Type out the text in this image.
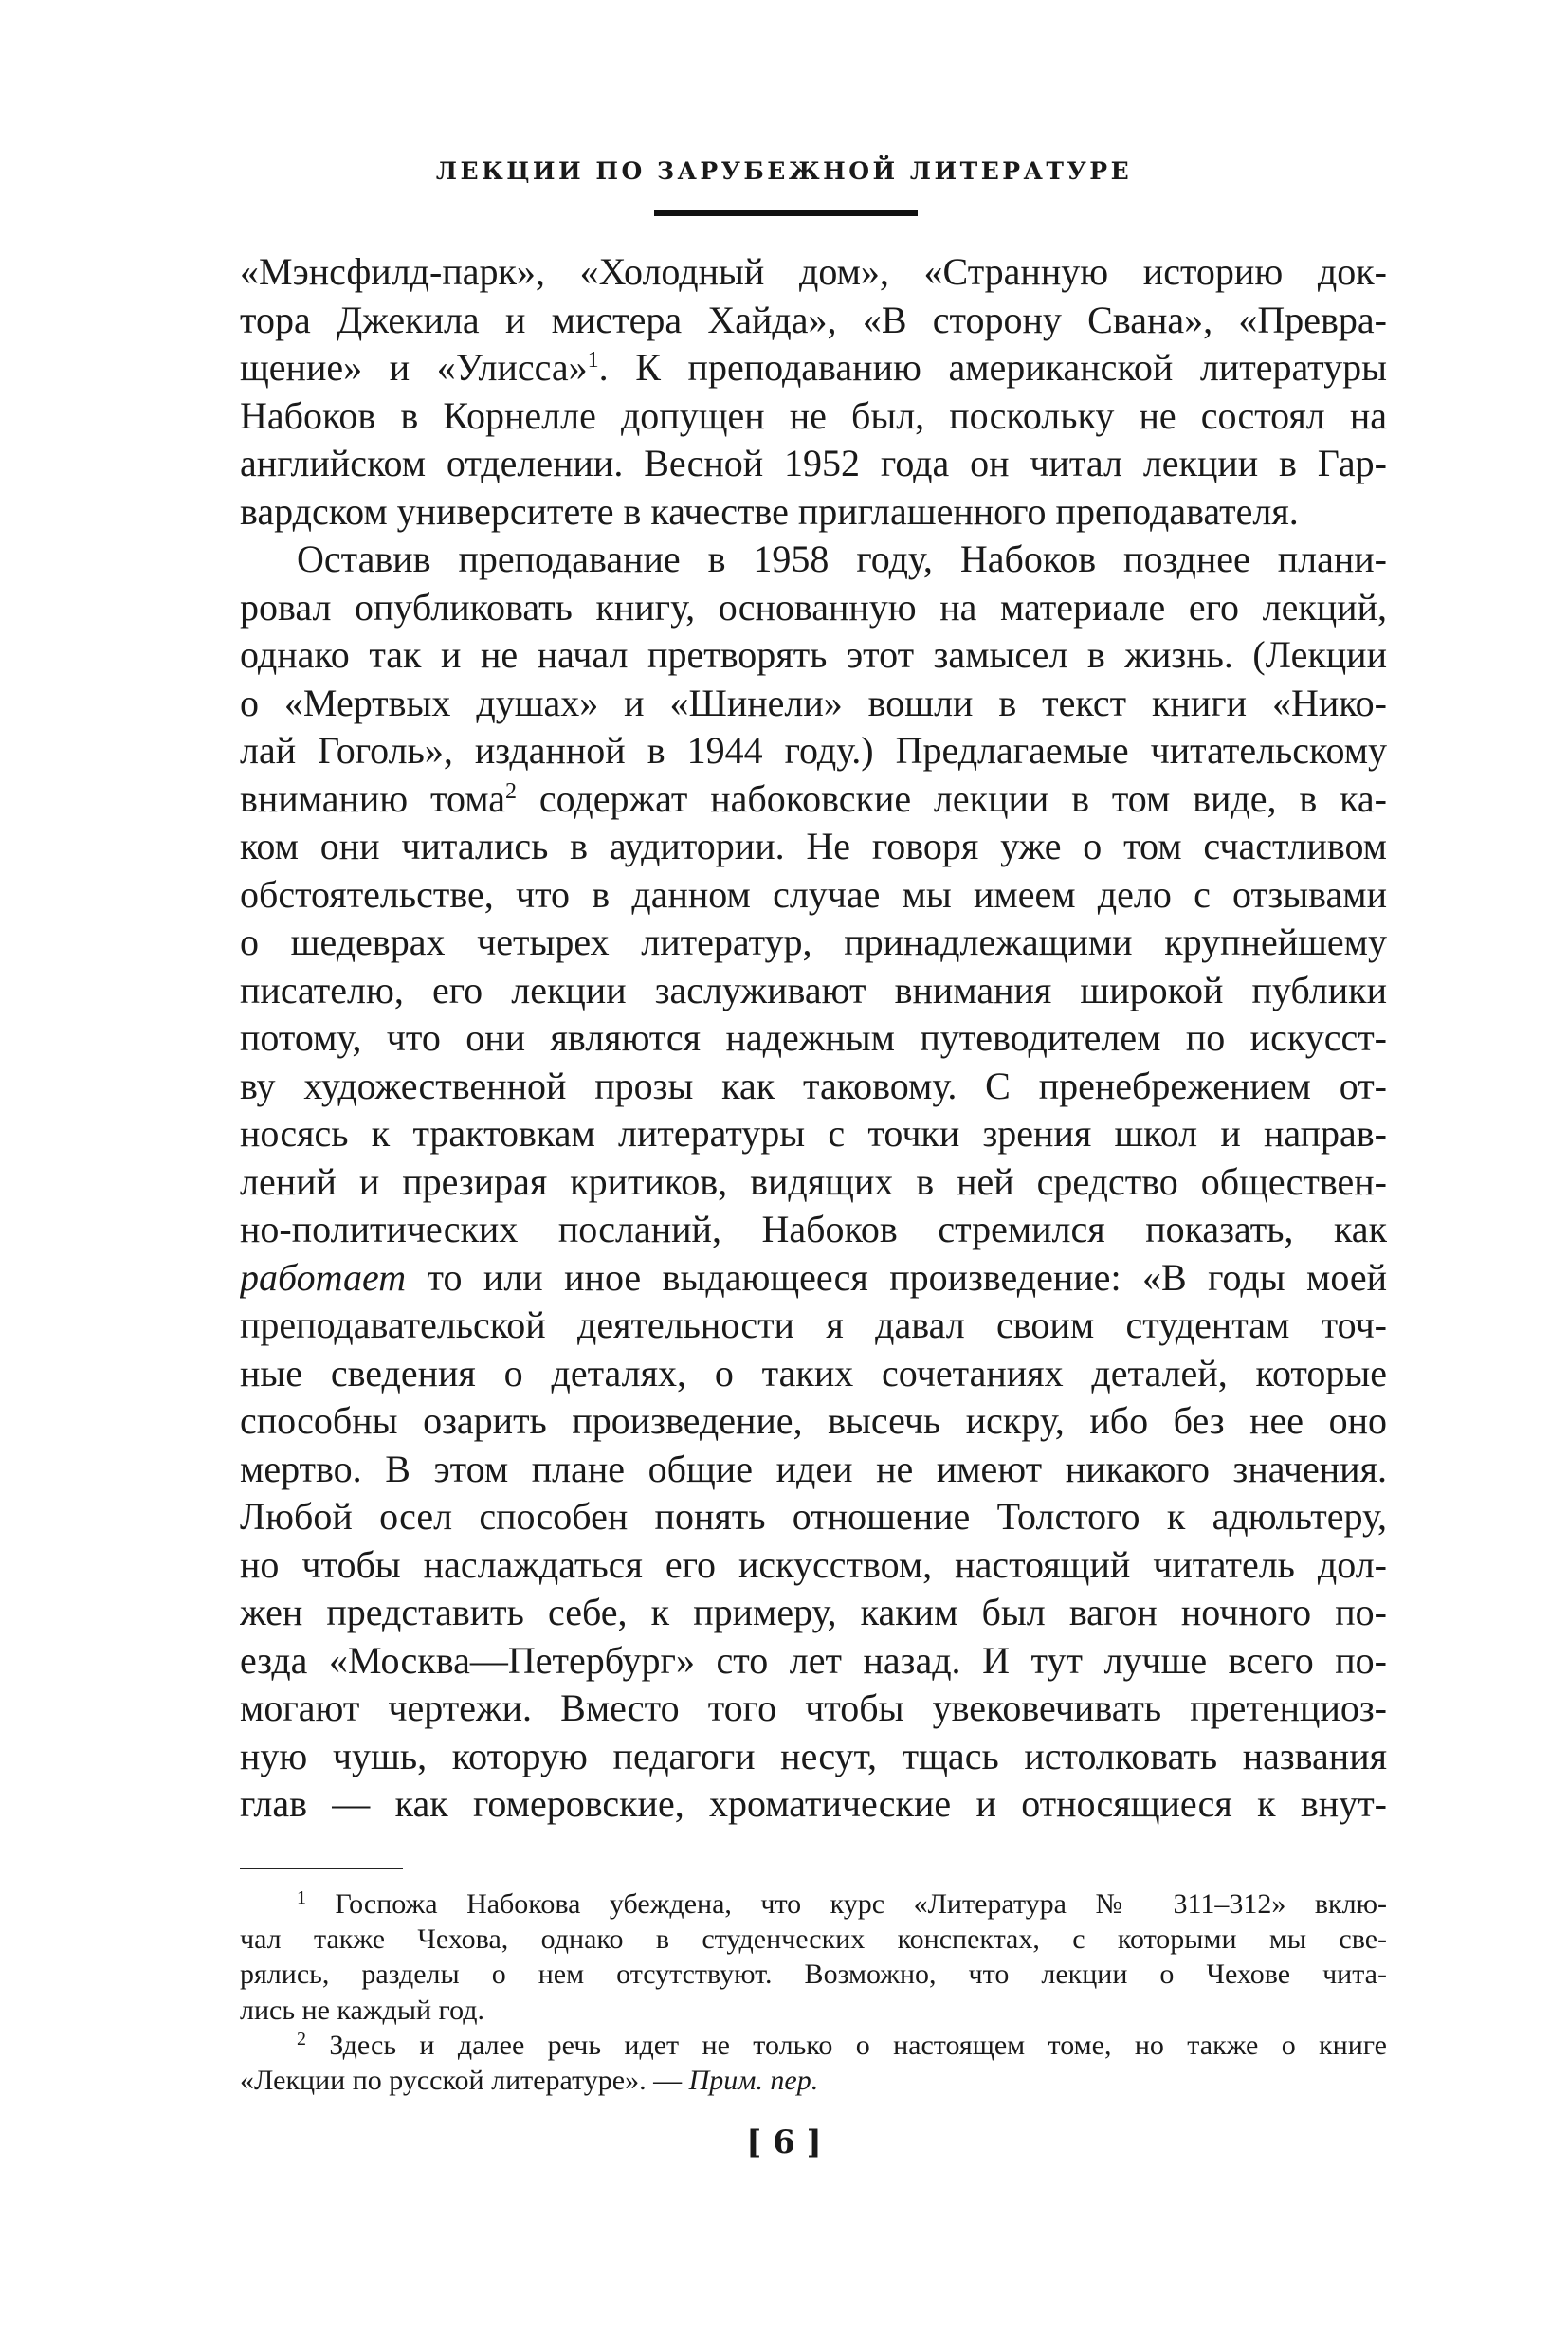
ЛЕКЦИИ ПО ЗАРУБЕЖНОЙ ЛИТЕРАТУРЕ
«Мэнсфилд-парк», «Холодный дом», «Странную историю док-
тора Джекила и мистера Хайда», «В сторону Свана», «Превра-
щение» и «Улисса»$^1$. К преподаванию американской литературы
Набоков в Корнелле допущен не был, поскольку не состоял на
английском отделении. Весной 1952 года он читал лекции в Гар-
вардском университете в качестве приглашенного преподавателя.
Оставив преподавание в 1958 году, Набоков позднее плани-
ровал опубликовать книгу, основанную на материале его лекций,
однако так и не начал претворять этот замысел в жизнь. (Лекции
о «Мертвых душах» и «Шинели» вошли в текст книги «Нико-
лай Гоголь», изданной в 1944 году.) Предлагаемые читательскому
вниманию тома$^2$ содержат набоковские лекции в том виде, в ка-
ком они читались в аудитории. Не говоря уже о том счастливом
обстоятельстве, что в данном случае мы имеем дело с отзывами
о шедеврах четырех литератур, принадлежащими крупнейшему
писателю, его лекции заслуживают внимания широкой публики
потому, что они являются надежным путеводителем по искусст-
ву художественной прозы как таковому. С пренебрежением от-
носясь к трактовкам литературы с точки зрения школ и направ-
лений и презирая критиков, видящих в ней средство обществен-
но-политических посланий, Набоков стремился показать, как
работает то или иное выдающееся произведение: «В годы моей
преподавательской деятельности я давал своим студентам точ-
ные сведения о деталях, о таких сочетаниях деталей, которые
способны озарить произведение, высечь искру, ибо без нее оно
мертво. В этом плане общие идеи не имеют никакого значения.
Любой осел способен понять отношение Толстого к адюльтеру,
но чтобы наслаждаться его искусством, настоящий читатель дол-
жен представить себе, к примеру, каким был вагон ночного по-
езда «Москва—Петербург» сто лет назад. И тут лучше всего по-
могают чертежи. Вместо того чтобы увековечивать претенциоз-
ную чушь, которую педагоги несут, тщась истолковать названия
глав — как гомеровские, хроматические и относящиеся к внут-
$^1$ Госпожа Набокова убеждена, что курс «Литература № 311–312» вклю-
чал также Чехова, однако в студенческих конспектах, с которыми мы све-
рялись, разделы о нем отсутствуют. Возможно, что лекции о Чехове чита-
лись не каждый год.
$^2$ Здесь и далее речь идет не только о настоящем томе, но также о книге
«Лекции по русской литературе». — Прим. пер.
[ 6 ]
